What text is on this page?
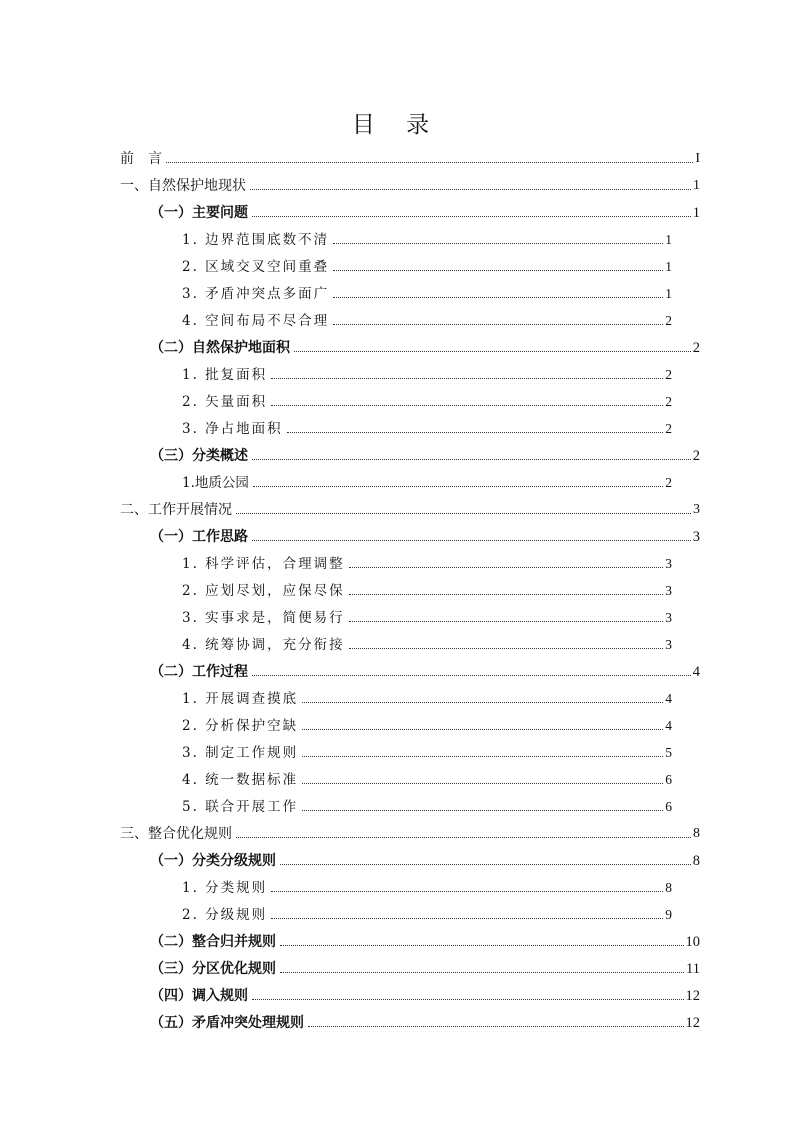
目 录
前　言	I
一、自然保护地现状	1
（一）主要问题	1
1. 边界范围底数不清	1
2. 区域交叉空间重叠	1
3. 矛盾冲突点多面广	1
4. 空间布局不尽合理	2
（二）自然保护地面积	2
1. 批复面积	2
2. 矢量面积	2
3. 净占地面积	2
（三）分类概述	2
1.地质公园	2
二、工作开展情况	3
（一）工作思路	3
1. 科学评估，合理调整	3
2. 应划尽划，应保尽保	3
3. 实事求是，简便易行	3
4. 统筹协调，充分衔接	3
（二）工作过程	4
1. 开展调查摸底	4
2. 分析保护空缺	4
3. 制定工作规则	5
4. 统一数据标准	6
5. 联合开展工作	6
三、整合优化规则	8
（一）分类分级规则	8
1. 分类规则	8
2. 分级规则	9
（二）整合归并规则	10
（三）分区优化规则	11
（四）调入规则	12
（五）矛盾冲突处理规则	12
